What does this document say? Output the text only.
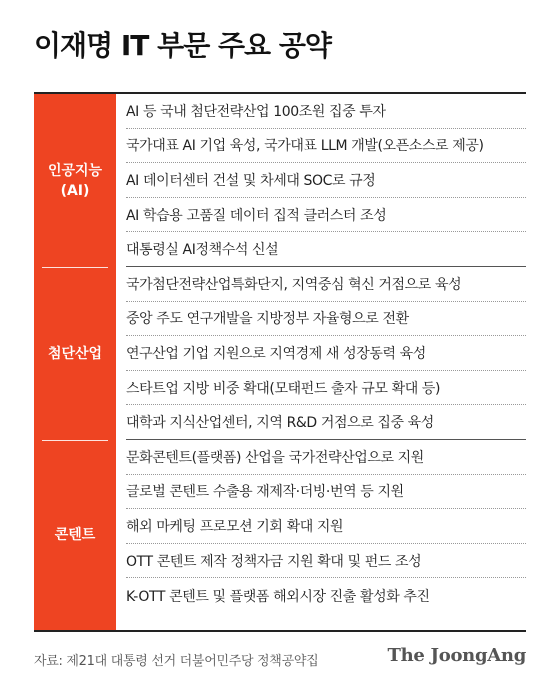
이재명 IT 부문 주요 공약
인공지능
(AI)
첨단산업
콘텐트
AI 등 국내 첨단전략산업 100조원 집중 투자
국가대표 AI 기업 육성, 국가대표 LLM 개발(오픈소스로 제공)
AI 데이터센터 건설 및 차세대 SOC로 규정
AI 학습용 고품질 데이터 집적 클러스터 조성
대통령실 AI정책수석 신설
국가첨단전략산업특화단지, 지역중심 혁신 거점으로 육성
중앙 주도 연구개발을 지방정부 자율형으로 전환
연구산업 기업 지원으로 지역경제 새 성장동력 육성
스타트업 지방 비중 확대(모태펀드 출자 규모 확대 등)
대학과 지식산업센터, 지역 R&D 거점으로 집중 육성
문화콘텐트(플랫폼) 산업을 국가전략산업으로 지원
글로벌 콘텐트 수출용 재제작·더빙·번역 등 지원
해외 마케팅 프로모션 기회 확대 지원
OTT 콘텐트 제작 정책자금 지원 확대 및 펀드 조성
K-OTT 콘텐트 및 플랫폼 해외시장 진출 활성화 추진
자료: 제21대 대통령 선거 더불어민주당 정책공약집	The JoongAng
